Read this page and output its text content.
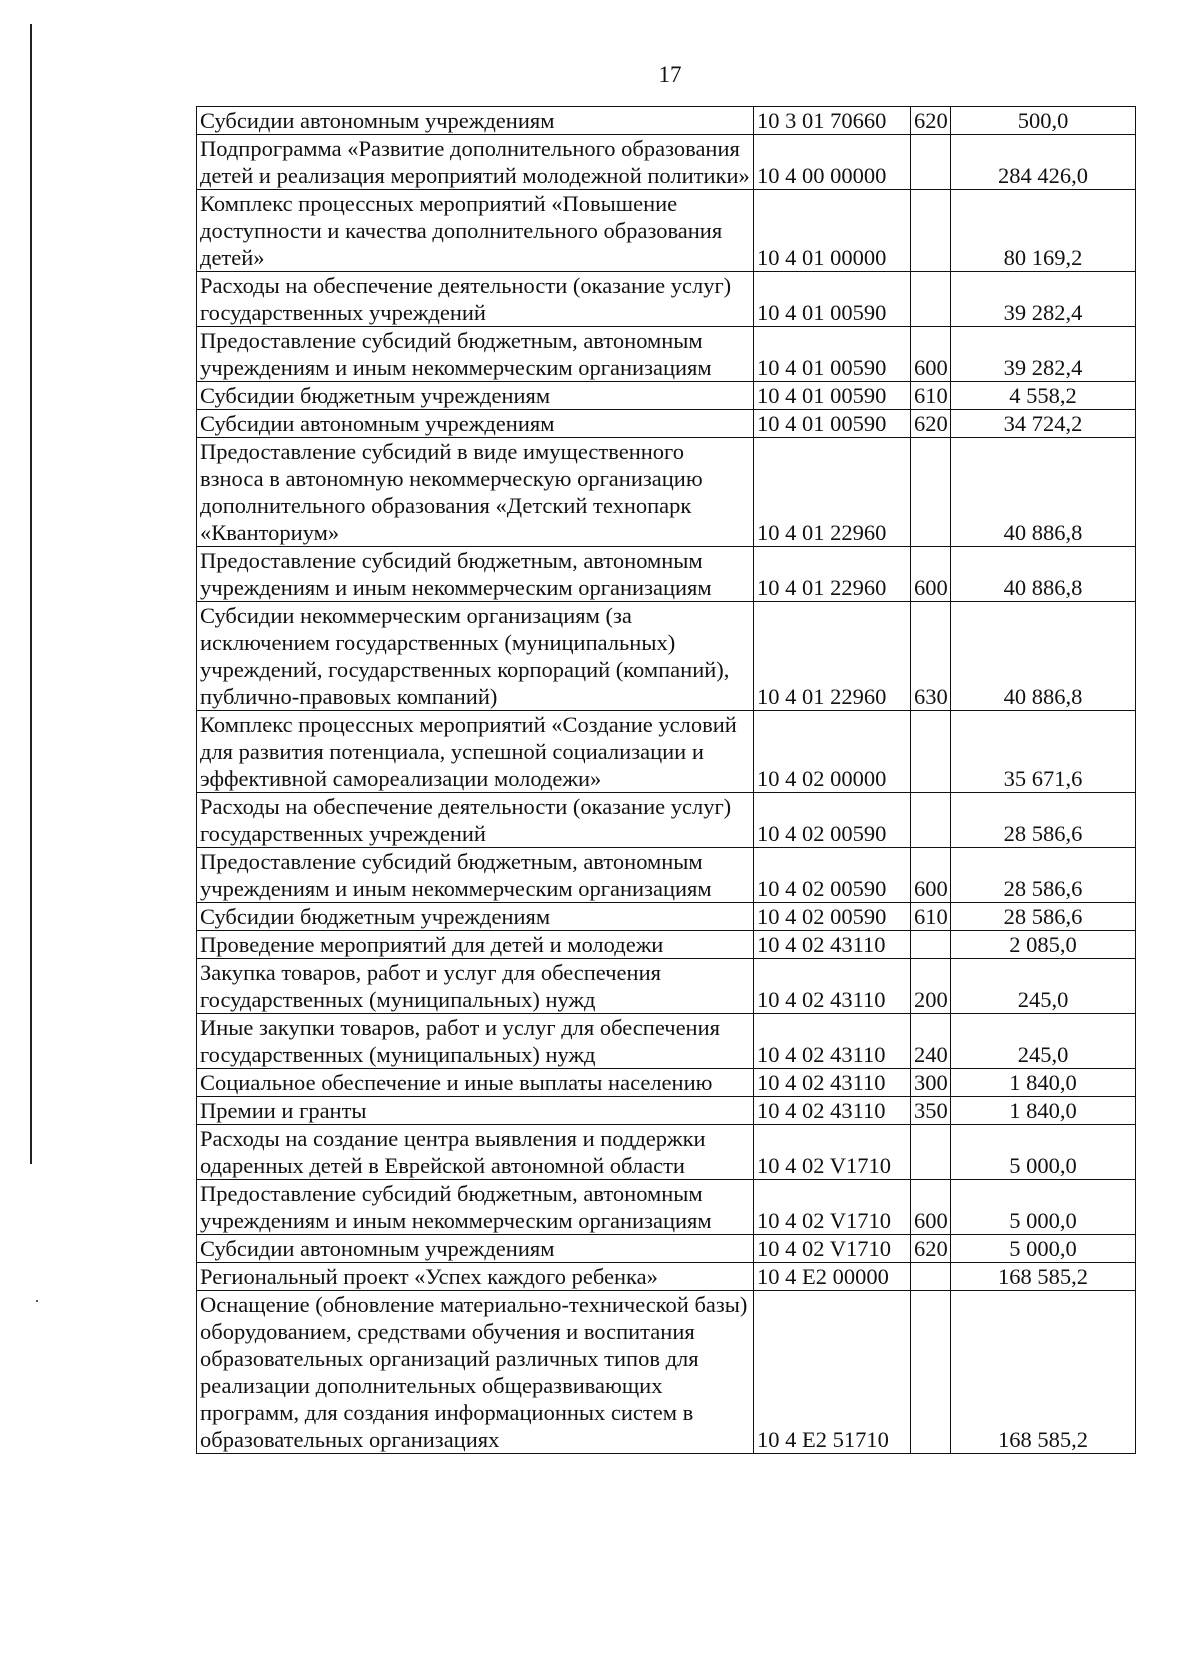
17
Субсидии автономным учреждениям	10 3 01 70660	620	500,0
Подпрограмма «Развитие дополнительного образования детей и реализация мероприятий молодежной политики»	10 4 00 00000		284 426,0
Комплекс процессных мероприятий «Повышение доступности и качества дополнительного образования детей»	10 4 01 00000		80 169,2
Расходы на обеспечение деятельности (оказание услуг) государственных учреждений	10 4 01 00590		39 282,4
Предоставление субсидий бюджетным, автономным учреждениям и иным некоммерческим организациям	10 4 01 00590	600	39 282,4
Субсидии бюджетным учреждениям	10 4 01 00590	610	4 558,2
Субсидии автономным учреждениям	10 4 01 00590	620	34 724,2
Предоставление субсидий в виде имущественного взноса в автономную некоммерческую организацию дополнительного образования «Детский технопарк «Кванториум»	10 4 01 22960		40 886,8
Предоставление субсидий бюджетным, автономным учреждениям и иным некоммерческим организациям	10 4 01 22960	600	40 886,8
Субсидии некоммерческим организациям (за исключением государственных (муниципальных) учреждений, государственных корпораций (компаний), публично-правовых компаний)	10 4 01 22960	630	40 886,8
Комплекс процессных мероприятий «Создание условий для развития потенциала, успешной социализации и эффективной самореализации молодежи»	10 4 02 00000		35 671,6
Расходы на обеспечение деятельности (оказание услуг) государственных учреждений	10 4 02 00590		28 586,6
Предоставление субсидий бюджетным, автономным учреждениям и иным некоммерческим организациям	10 4 02 00590	600	28 586,6
Субсидии бюджетным учреждениям	10 4 02 00590	610	28 586,6
Проведение мероприятий для детей и молодежи	10 4 02 43110		2 085,0
Закупка товаров, работ и услуг для обеспечения государственных (муниципальных) нужд	10 4 02 43110	200	245,0
Иные закупки товаров, работ и услуг для обеспечения государственных (муниципальных) нужд	10 4 02 43110	240	245,0
Социальное обеспечение и иные выплаты населению	10 4 02 43110	300	1 840,0
Премии и гранты	10 4 02 43110	350	1 840,0
Расходы на создание центра выявления и поддержки одаренных детей в Еврейской автономной области	10 4 02 V1710		5 000,0
Предоставление субсидий бюджетным, автономным учреждениям и иным некоммерческим организациям	10 4 02 V1710	600	5 000,0
Субсидии автономным учреждениям	10 4 02 V1710	620	5 000,0
Региональный проект «Успех каждого ребенка»	10 4 E2 00000		168 585,2
Оснащение (обновление материально-технической базы) оборудованием, средствами обучения и воспитания образовательных организаций различных типов для реализации дополнительных общеразвивающих программ, для создания информационных систем в образовательных организациях	10 4 E2 51710		168 585,2
